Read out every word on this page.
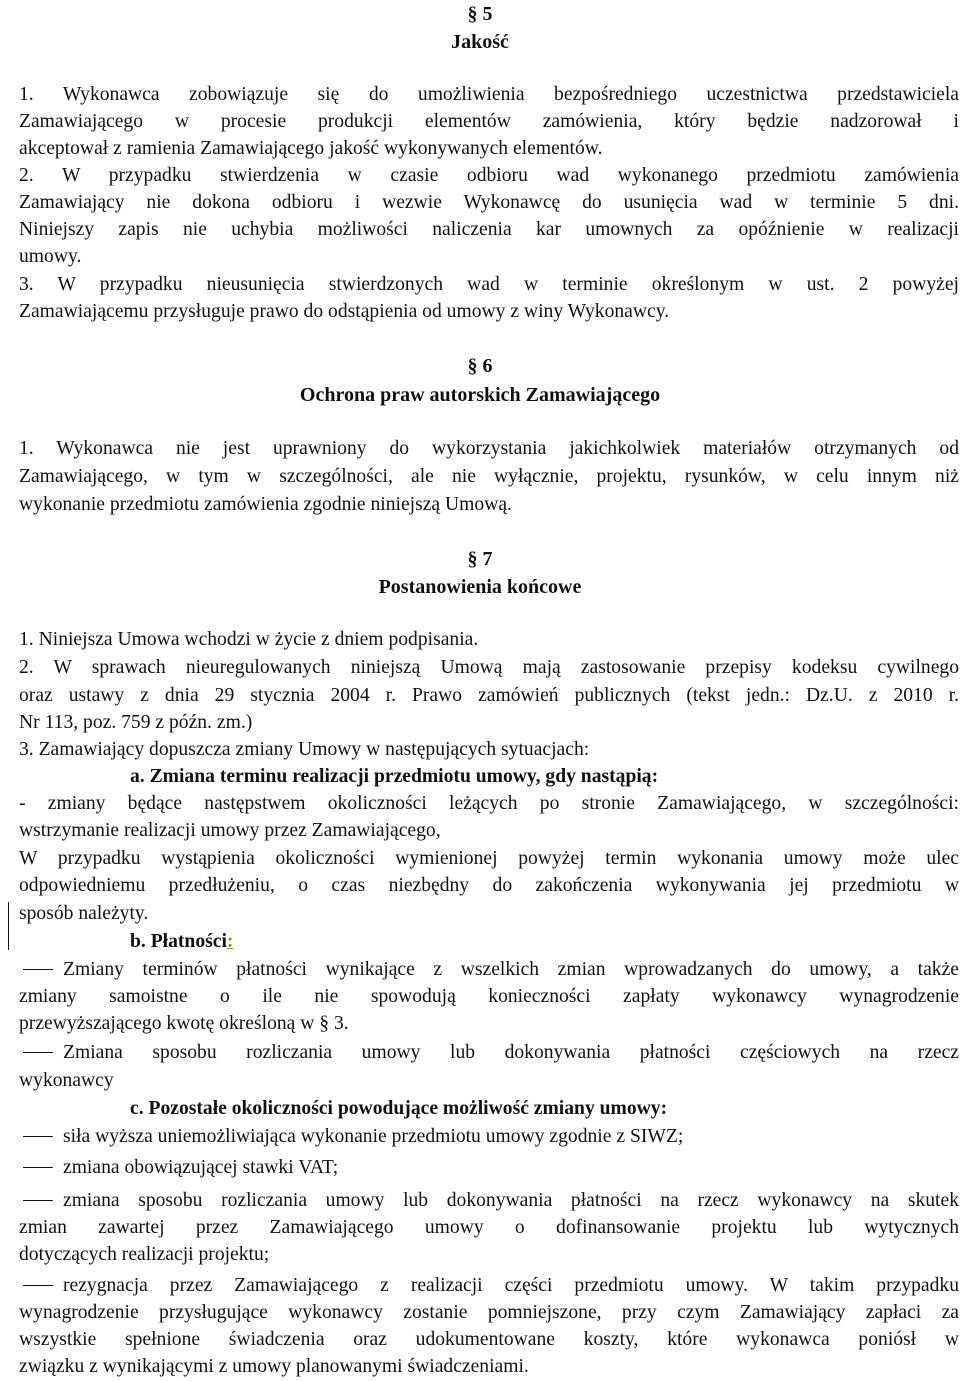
§ 5
Jakość
1. Wykonawca zobowiązuje się do umożliwienia bezpośredniego uczestnictwa przedstawiciela
Zamawiającego w procesie produkcji elementów zamówienia, który będzie nadzorował i
akceptował z ramienia Zamawiającego jakość wykonywanych elementów.
2. W przypadku stwierdzenia w czasie odbioru wad wykonanego przedmiotu zamówienia
Zamawiający nie dokona odbioru i wezwie Wykonawcę do usunięcia wad w terminie 5 dni.
Niniejszy zapis nie uchybia możliwości naliczenia kar umownych za opóźnienie w realizacji
umowy.
3. W przypadku nieusunięcia stwierdzonych wad w terminie określonym w ust. 2 powyżej
Zamawiającemu przysługuje prawo do odstąpienia od umowy z winy Wykonawcy.
§ 6
Ochrona praw autorskich Zamawiającego
1. Wykonawca nie jest uprawniony do wykorzystania jakichkolwiek materiałów otrzymanych od
Zamawiającego, w tym w szczególności, ale nie wyłącznie, projektu, rysunków, w celu innym niż
wykonanie przedmiotu zamówienia zgodnie niniejszą Umową.
§ 7
Postanowienia końcowe
1. Niniejsza Umowa wchodzi w życie z dniem podpisania.
2. W sprawach nieuregulowanych niniejszą Umową mają zastosowanie przepisy kodeksu cywilnego
oraz ustawy z dnia 29 stycznia 2004 r. Prawo zamówień publicznych (tekst jedn.: Dz.U. z 2010 r.
Nr 113, poz. 759 z późn. zm.)
3. Zamawiający dopuszcza zmiany Umowy w następujących sytuacjach:
a. Zmiana terminu realizacji przedmiotu umowy, gdy nastąpią:
- zmiany będące następstwem okoliczności leżących po stronie Zamawiającego, w szczególności:
wstrzymanie realizacji umowy przez Zamawiającego,
W przypadku wystąpienia okoliczności wymienionej powyżej termin wykonania umowy może ulec
odpowiedniemu przedłużeniu, o czas niezbędny do zakończenia wykonywania jej przedmiotu w
sposób należyty.
b. Płatności:
Zmiany terminów płatności wynikające z wszelkich zmian wprowadzanych do umowy, a także
zmiany samoistne o ile nie spowodują konieczności zapłaty wykonawcy wynagrodzenie
przewyższającego kwotę określoną w § 3.
Zmiana sposobu rozliczania umowy lub dokonywania płatności częściowych na rzecz
wykonawcy
c. Pozostałe okoliczności powodujące możliwość zmiany umowy:
siła wyższa uniemożliwiająca wykonanie przedmiotu umowy zgodnie z SIWZ;
zmiana obowiązującej stawki VAT;
zmiana sposobu rozliczania umowy lub dokonywania płatności na rzecz wykonawcy na skutek
zmian zawartej przez Zamawiającego umowy o dofinansowanie projektu lub wytycznych
dotyczących realizacji projektu;
rezygnacja przez Zamawiającego z realizacji części przedmiotu umowy. W takim przypadku
wynagrodzenie przysługujące wykonawcy zostanie pomniejszone, przy czym Zamawiający zapłaci za
wszystkie spełnione świadczenia oraz udokumentowane koszty, które wykonawca poniósł w
związku z wynikającymi z umowy planowanymi świadczeniami.
